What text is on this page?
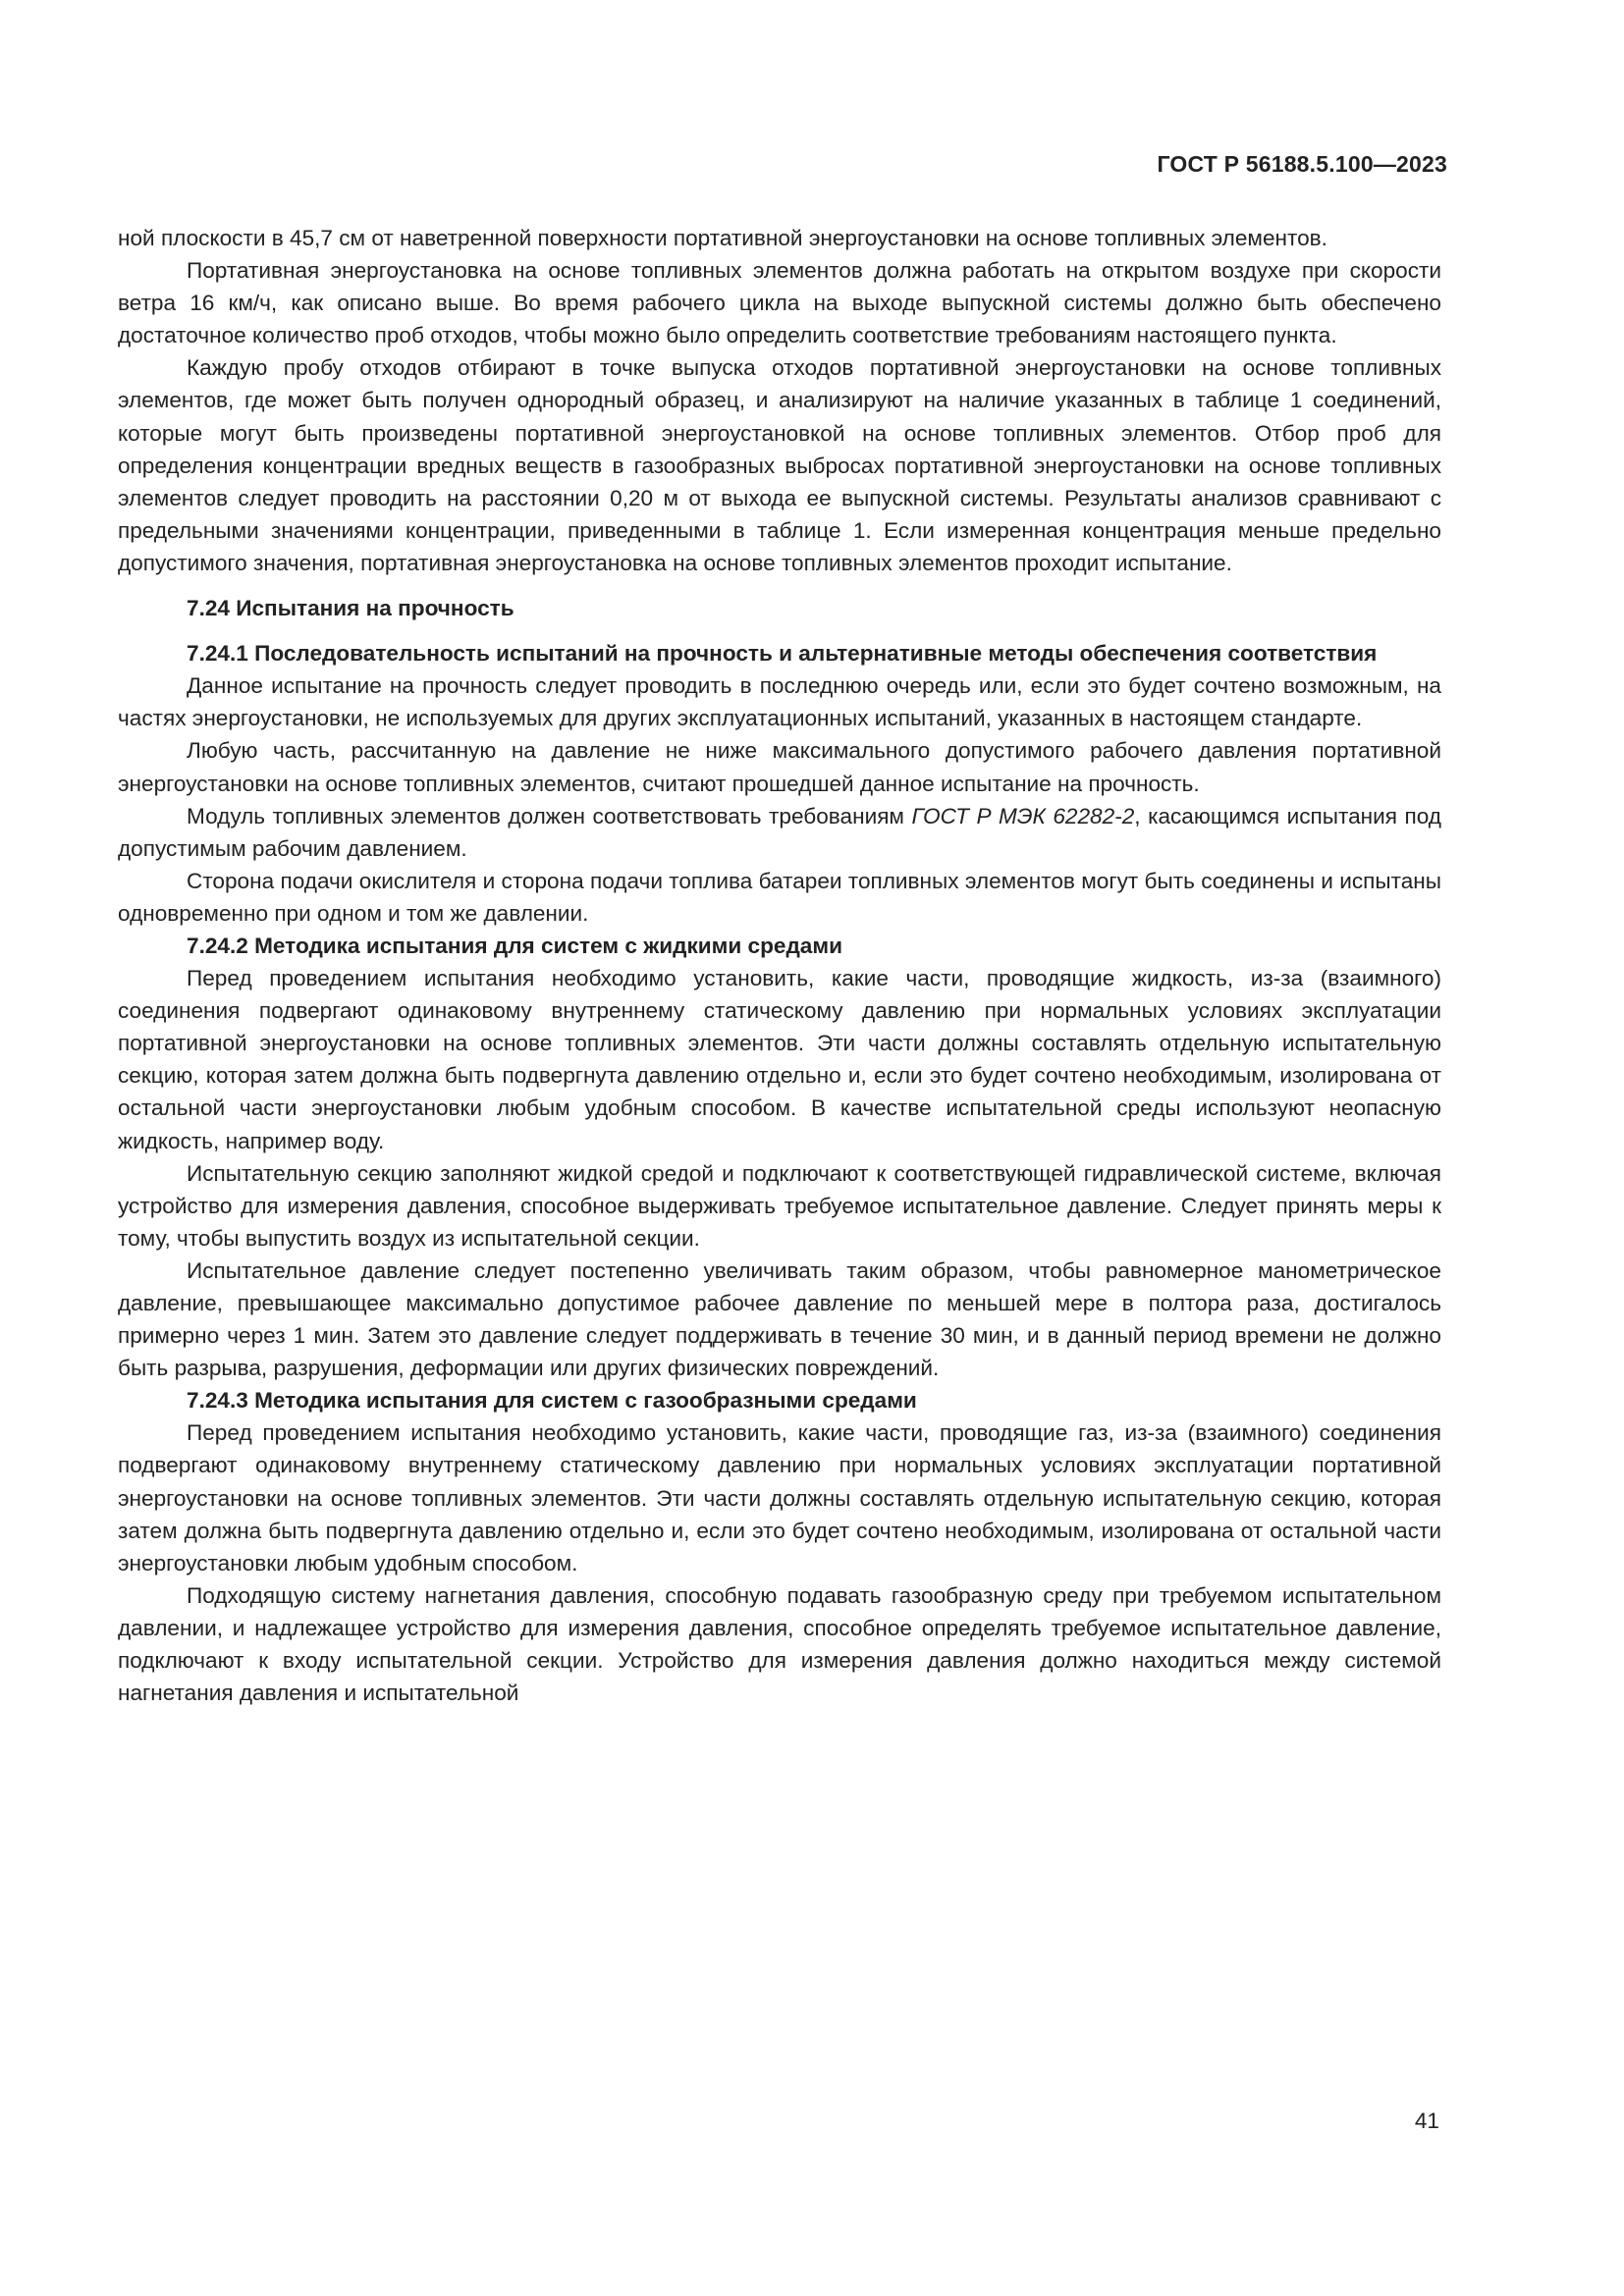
ГОСТ Р 56188.5.100—2023

ной плоскости в 45,7 см от наветренной поверхности портативной энергоустановки на основе топливных элементов.

Портативная энергоустановка на основе топливных элементов должна работать на открытом воздухе при скорости ветра 16 км/ч, как описано выше. Во время рабочего цикла на выходе выпускной системы должно быть обеспечено достаточное количество проб отходов, чтобы можно было определить соответствие требованиям настоящего пункта.

Каждую пробу отходов отбирают в точке выпуска отходов портативной энергоустановки на основе топливных элементов, где может быть получен однородный образец, и анализируют на наличие указанных в таблице 1 соединений, которые могут быть произведены портативной энергоустановкой на основе топливных элементов. Отбор проб для определения концентрации вредных веществ в газообразных выбросах портативной энергоустановки на основе топливных элементов следует проводить на расстоянии 0,20 м от выхода ее выпускной системы. Результаты анализов сравнивают с предельными значениями концентрации, приведенными в таблице 1. Если измеренная концентрация меньше предельно допустимого значения, портативная энергоустановка на основе топливных элементов проходит испытание.

7.24 Испытания на прочность
7.24.1 Последовательность испытаний на прочность и альтернативные методы обеспечения соответствия

Данное испытание на прочность следует проводить в последнюю очередь или, если это будет сочтено возможным, на частях энергоустановки, не используемых для других эксплуатационных испытаний, указанных в настоящем стандарте.

Любую часть, рассчитанную на давление не ниже максимального допустимого рабочего давления портативной энергоустановки на основе топливных элементов, считают прошедшей данное испытание на прочность.

Модуль топливных элементов должен соответствовать требованиям ГОСТ Р МЭК 62282-2, касающимся испытания под допустимым рабочим давлением.

Сторона подачи окислителя и сторона подачи топлива батареи топливных элементов могут быть соединены и испытаны одновременно при одном и том же давлении.

7.24.2 Методика испытания для систем с жидкими средами

Перед проведением испытания необходимо установить, какие части, проводящие жидкость, из-за (взаимного) соединения подвергают одинаковому внутреннему статическому давлению при нормальных условиях эксплуатации портативной энергоустановки на основе топливных элементов. Эти части должны составлять отдельную испытательную секцию, которая затем должна быть подвергнута давлению отдельно и, если это будет сочтено необходимым, изолирована от остальной части энергоустановки любым удобным способом. В качестве испытательной среды используют неопасную жидкость, например воду.

Испытательную секцию заполняют жидкой средой и подключают к соответствующей гидравлической системе, включая устройство для измерения давления, способное выдерживать требуемое испытательное давление. Следует принять меры к тому, чтобы выпустить воздух из испытательной секции.

Испытательное давление следует постепенно увеличивать таким образом, чтобы равномерное манометрическое давление, превышающее максимально допустимое рабочее давление по меньшей мере в полтора раза, достигалось примерно через 1 мин. Затем это давление следует поддерживать в течение 30 мин, и в данный период времени не должно быть разрыва, разрушения, деформации или других физических повреждений.

7.24.3 Методика испытания для систем с газообразными средами

Перед проведением испытания необходимо установить, какие части, проводящие газ, из-за (взаимного) соединения подвергают одинаковому внутреннему статическому давлению при нормальных условиях эксплуатации портативной энергоустановки на основе топливных элементов. Эти части должны составлять отдельную испытательную секцию, которая затем должна быть подвергнута давлению отдельно и, если это будет сочтено необходимым, изолирована от остальной части энергоустановки любым удобным способом.

Подходящую систему нагнетания давления, способную подавать газообразную среду при требуемом испытательном давлении, и надлежащее устройство для измерения давления, способное определять требуемое испытательное давление, подключают к входу испытательной секции. Устройство для измерения давления должно находиться между системой нагнетания давления и испытательной

41
